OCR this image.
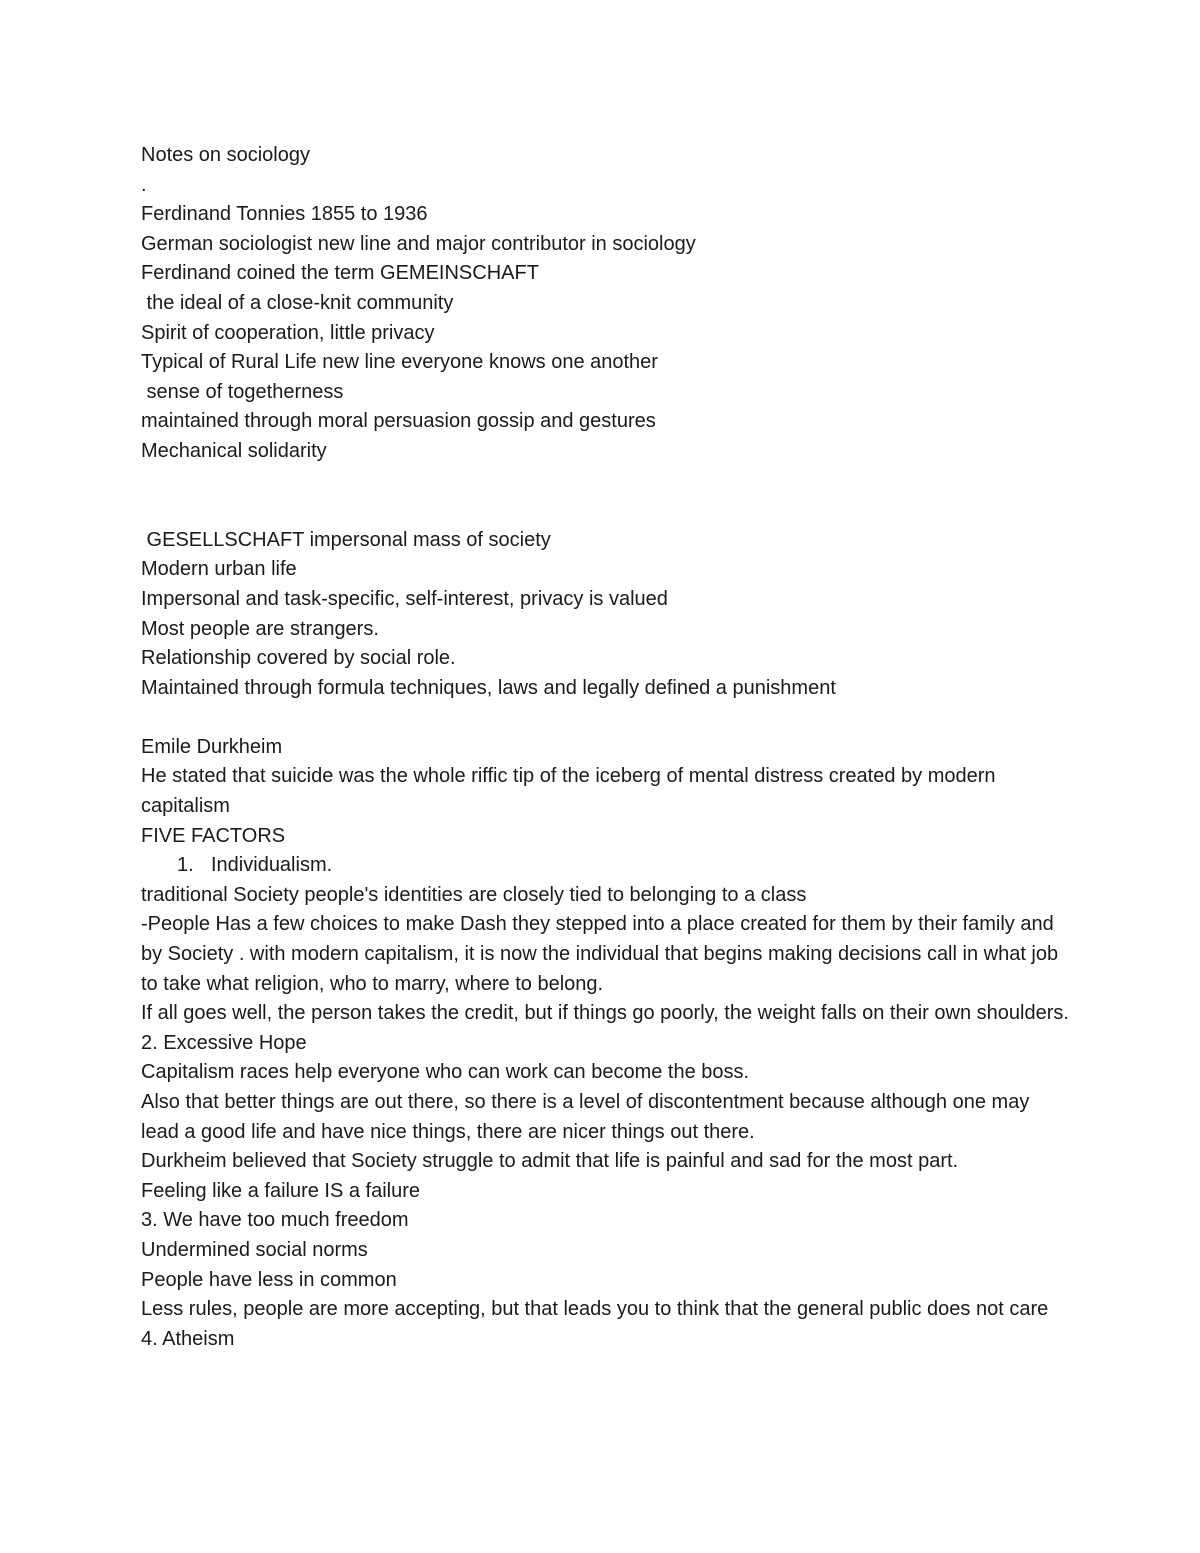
Notes on sociology
.
Ferdinand Tonnies 1855 to 1936
German sociologist new line and major contributor in sociology
Ferdinand coined the term GEMEINSCHAFT
the ideal of a close-knit community
Spirit of cooperation, little privacy
Typical of Rural Life new line everyone knows one another
sense of togetherness
maintained through moral persuasion gossip and gestures
Mechanical solidarity
GESELLSCHAFT impersonal mass of society
Modern urban life
Impersonal and task-specific, self-interest, privacy is valued
Most people are strangers.
Relationship covered by social role.
Maintained through formula techniques, laws and legally defined a punishment
Emile Durkheim
He stated that suicide was the whole riffic tip of the iceberg of mental distress created by modern capitalism
FIVE FACTORS
1. Individualism.
traditional Society people's identities are closely tied to belonging to a class
-People Has a few choices to make Dash they stepped into a place created for them by their family and by Society . with modern capitalism, it is now the individual that begins making decisions call in what job to take what religion, who to marry, where to belong.
If all goes well, the person takes the credit, but if things go poorly, the weight falls on their own shoulders.
2. Excessive Hope
Capitalism races help everyone who can work can become the boss.
Also that better things are out there, so there is a level of discontentment because although one may lead a good life and have nice things, there are nicer things out there.
Durkheim believed that Society struggle to admit that life is painful and sad for the most part.
Feeling like a failure IS a failure
3. We have too much freedom
Undermined social norms
People have less in common
Less rules, people are more accepting, but that leads you to think that the general public does not care
4. Atheism
